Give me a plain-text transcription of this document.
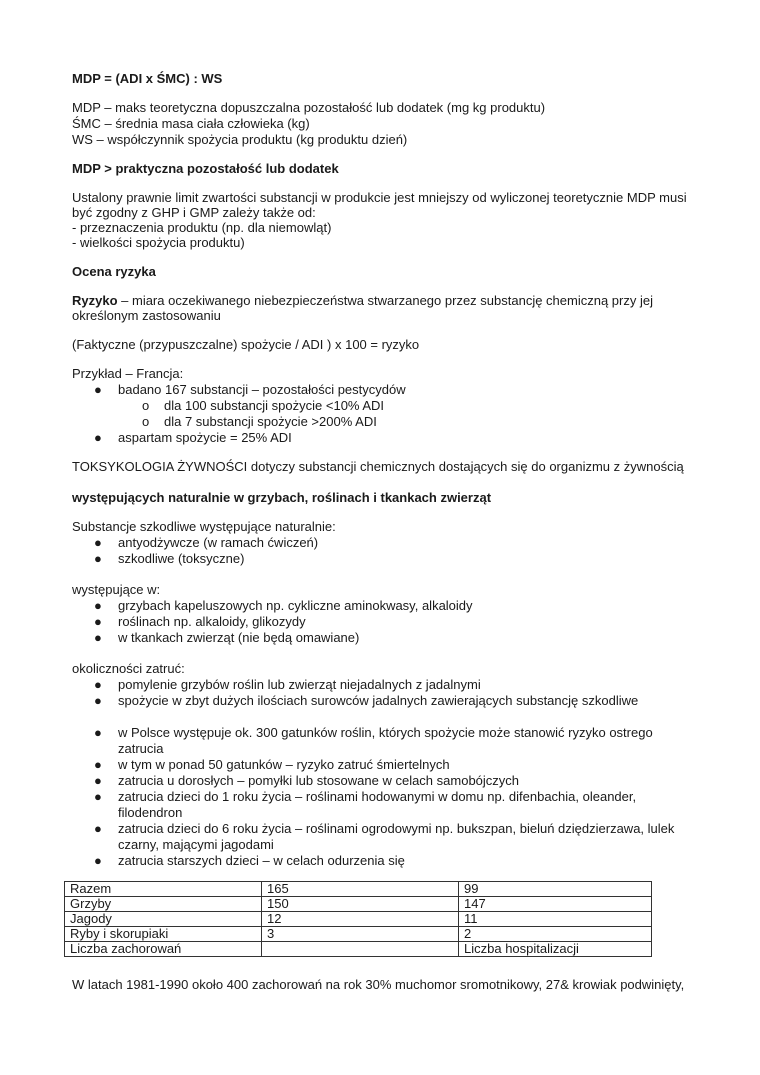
MDP = (ADI x ŚMC) : WS
MDP – maks teoretyczna dopuszczalna pozostałość lub dodatek (mg kg produktu)
ŚMC – średnia masa ciała człowieka (kg)
WS – współczynnik spożycia produktu (kg produktu dzień)
MDP > praktyczna pozostałość lub dodatek
Ustalony prawnie limit zwartości substancji w produkcie jest mniejszy od wyliczonej teoretycznie MDP musi
być zgodny z GHP i GMP zależy także od:
- przeznaczenia produktu (np. dla niemowląt)
- wielkości spożycia produktu)
Ocena ryzyka
Ryzyko – miara oczekiwanego niebezpieczeństwa stwarzanego przez substancję chemiczną przy jej
określonym zastosowaniu
(Faktyczne (przypuszczalne) spożycie / ADI ) x 100 = ryzyko
Przykład – Francja:
● badano 167 substancji – pozostałości pestycydów
o dla 100 substancji spożycie <10% ADI
o dla 7 substancji spożycie >200% ADI
● aspartam spożycie = 25% ADI
TOKSYKOLOGIA ŻYWNOŚCI dotyczy substancji chemicznych dostających się do organizmu z żywnością
występujących naturalnie w grzybach, roślinach i tkankach zwierząt
Substancje szkodliwe występujące naturalnie:
● antyodżywcze (w ramach ćwiczeń)
● szkodliwe (toksyczne)
występujące w:
● grzybach kapeluszowych np. cykliczne aminokwasy, alkaloidy
● roślinach np. alkaloidy, glikozydy
● w tkankach zwierząt (nie będą omawiane)
okoliczności zatruć:
● pomylenie grzybów roślin lub zwierząt niejadalnych z jadalnymi
● spożycie w zbyt dużych ilościach surowców jadalnych zawierających substancję szkodliwe
● w Polsce występuje ok. 300 gatunków roślin, których spożycie może stanowić ryzyko ostrego
zatrucia
● w tym w ponad 50 gatunków – ryzyko zatruć śmiertelnych
● zatrucia u dorosłych – pomyłki lub stosowane w celach samobójczych
● zatrucia dzieci do 1 roku życia – roślinami hodowanymi w domu np. difenbachia, oleander,
filodendron
● zatrucia dzieci do 6 roku życia – roślinami ogrodowymi np. bukszpan, bieluń dziędzierzawa, lulek
czarny, mającymi jagodami
● zatrucia starszych dzieci – w celach odurzenia się
Razem	165	99
Grzyby	150	147
Jagody	12	11
Ryby i skorupiaki	3	2
Liczba zachorowań		Liczba hospitalizacji
W latach 1981-1990 około 400 zachorowań na rok 30% muchomor sromotnikowy, 27& krowiak podwinięty,
